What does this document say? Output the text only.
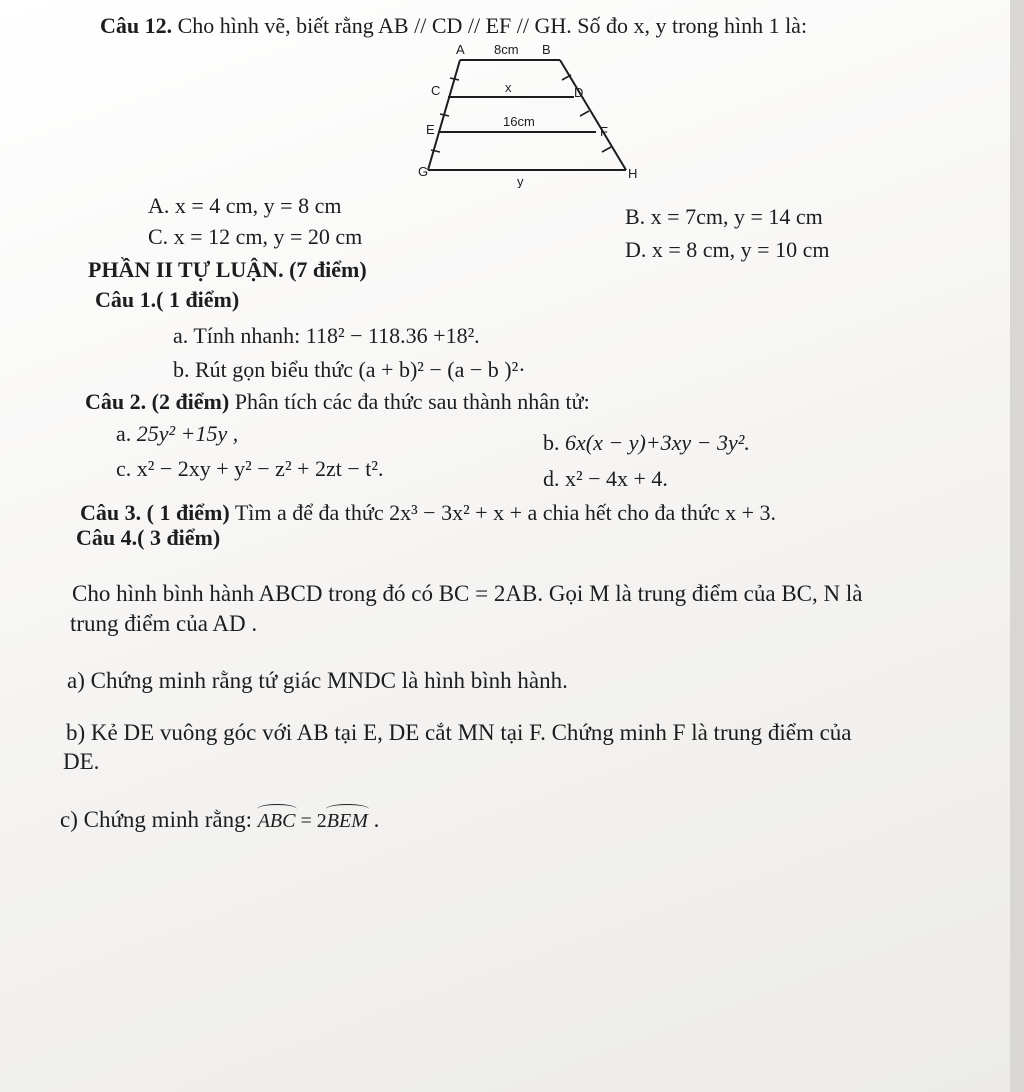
Câu 12. Cho hình vẽ, biết rằng AB // CD // EF // GH. Số đo x, y trong hình 1 là:
A 8cm B
C	x	D
E
16cm
F
G
y
H
A. x = 4 cm, y = 8 cm	B. x = 7cm, y = 14 cm
C. x = 12 cm, y = 20 cm
D. x = 8 cm, y = 10 cm
PHẦN II TỰ LUẬN. (7 điểm)
Câu 1.( 1 điểm)
a. Tính nhanh: 118² − 118.36 +18².
b. Rút gọn biểu thức (a + b)² − (a − b )²·
Câu 2. (2 điểm) Phân tích các đa thức sau thành nhân tử:
a. 25y² +15y ,	b. 6x(x − y)+3xy − 3y².
c. x² − 2xy + y² − z² + 2zt − t².	d. x² − 4x + 4.
Câu 3. ( 1 điểm) Tìm a để đa thức 2x³ − 3x² + x + a chia hết cho đa thức x + 3.
Câu 4.( 3 điểm)
Cho hình bình hành ABCD trong đó có BC = 2AB. Gọi M là trung điểm của BC, N là
trung điểm của AD .
a) Chứng minh rằng tứ giác MNDC là hình bình hành.
b) Kẻ DE vuông góc với AB tại E, DE cắt MN tại F. Chứng minh F là trung điểm của
DE.
c) Chứng minh rằng: ABC = 2BEM .
